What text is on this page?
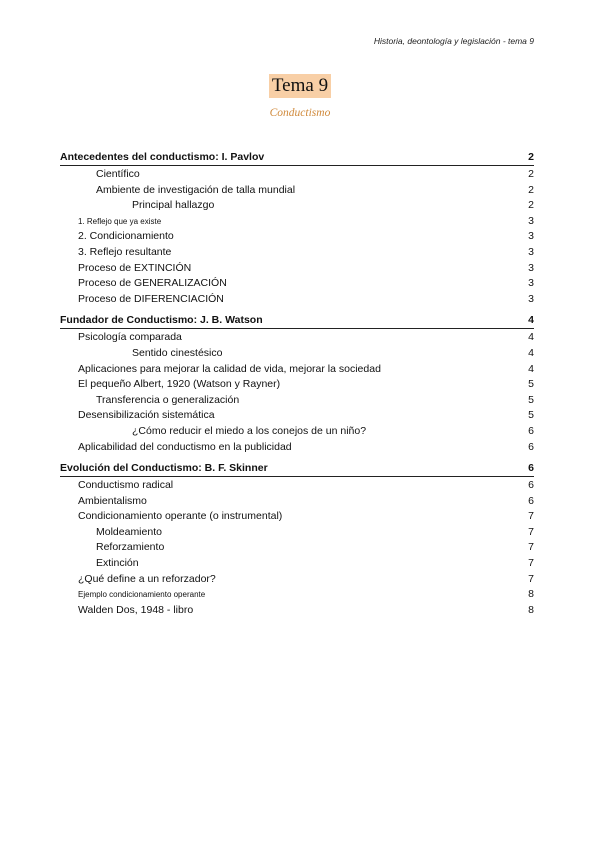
Historia, deontología y legislación - tema 9
Tema 9
Conductismo
Antecedentes del conductismo: I. Pavlov	2
Científico	2
Ambiente de investigación de talla mundial	2
Principal hallazgo	2
1. Reflejo que ya existe	3
2. Condicionamiento	3
3. Reflejo resultante	3
Proceso de EXTINCIÓN	3
Proceso de GENERALIZACIÓN	3
Proceso de DIFERENCIACIÓN	3
Fundador de Conductismo: J. B. Watson	4
Psicología comparada	4
Sentido cinestésico	4
Aplicaciones para mejorar la calidad de vida, mejorar la sociedad	4
El pequeño Albert, 1920 (Watson y Rayner)	5
Transferencia o generalización	5
Desensibilización sistemática	5
¿Cómo reducir el miedo a los conejos de un niño?	6
Aplicabilidad del conductismo en la publicidad	6
Evolución del Conductismo: B. F. Skinner	6
Conductismo radical	6
Ambientalismo	6
Condicionamiento operante (o instrumental)	7
Moldeamiento	7
Reforzamiento	7
Extinción	7
¿Qué define a un reforzador?	7
Ejemplo condicionamiento operante	8
Walden Dos, 1948 - libro	8
